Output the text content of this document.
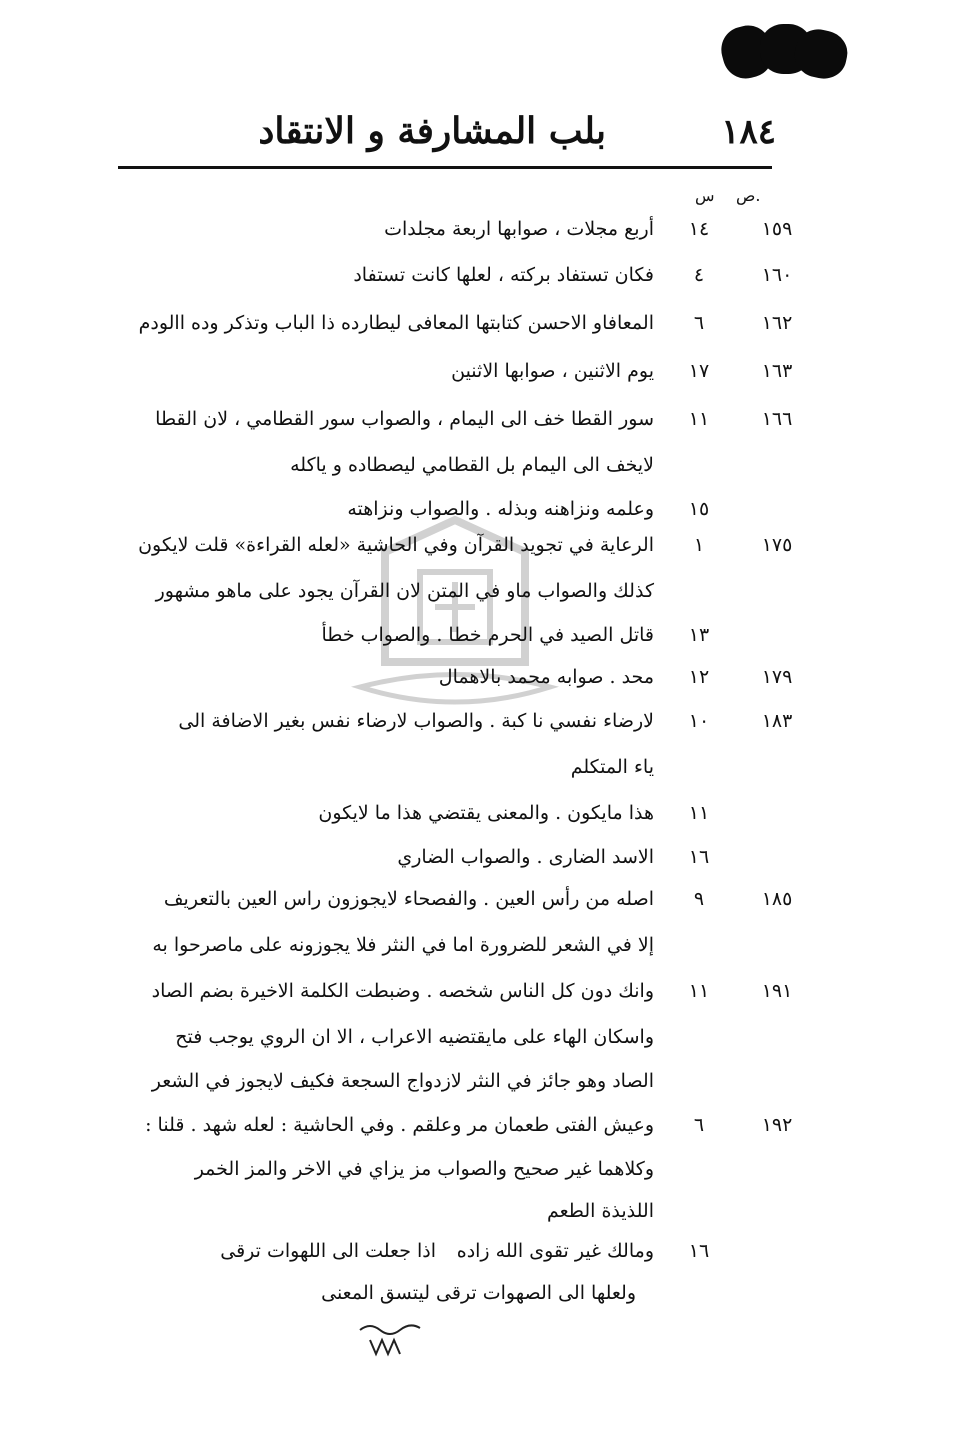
بلب المشارفة و الانتقاد	١٨٤
.ص
س
١٥٩
١٤
أربع مجلات ، صوابها اربعة مجلدات
١٦٠
٤
فكان تستفاد بركته ، لعلها كانت تستفاد
١٦٢
٦
المعافاو الاحسن كتابتها المعافى ليطارده ذا الباب وتذكر وده االودم
١٦٣
١٧
يوم الاثنين ، صوابها الاثنين
١٦٦
١١
سور القطا خف الى اليمام ، والصواب سور القطامي ، لان القطا
لايخف الى اليمام بل القطامي ليصطاده و ياكله
١٥
وعلمه ونزاهنه وبذله . والصواب ونزاهته
١٧٥
١
الرعاية في تجويد القرآن وفي الحاشية «لعله القراءة» قلت لايكون
كذلك والصواب ماو في المتن لان القرآن يجود على ماهو مشهور
١٣
قاتل الصيد في الحرم خطا . والصواب خطأ
١٧٩
١٢
محد . صوابه محمد بالاهمال
١٨٣
١٠
لارضاء نفسي نا كبة . والصواب لارضاء نفس بغير الاضافة الى
ياء المتكلم
١١
هذا مايكون . والمعنى يقتضي هذا ما لايكون
١٦
الاسد الضارى . والصواب الضاري
١٨٥
٩
اصله من رأس العين . والفصحاء لايجوزون راس العين بالتعريف
إلا في الشعر للضرورة اما في النثر فلا يجوزونه على ماصرحوا به
١٩١
١١
وانك دون كل الناس شخصه . وضبطت الكلمة الاخيرة بضم الصاد
واسكان الهاء على مايقتضيه الاعراب ، الا ان الروي يوجب فتح
الصاد وهو جائز في النثر لازدواج السجعة فكيف لايجوز في الشعر
١٩٢
٦
وعيش الفتى طعمان مر وعلقم . وفي الحاشية : لعله شهد . قلنا :
وكلاهما غير صحيح والصواب مز يزاي في الاخر والمز الخمر
اللذيذة الطعم
١٦
ومالك غير تقوى الله زاده
اذا جعلت الى اللهوات ترقى
ولعلها الى الصهوات ترقى ليتسق المعنى
